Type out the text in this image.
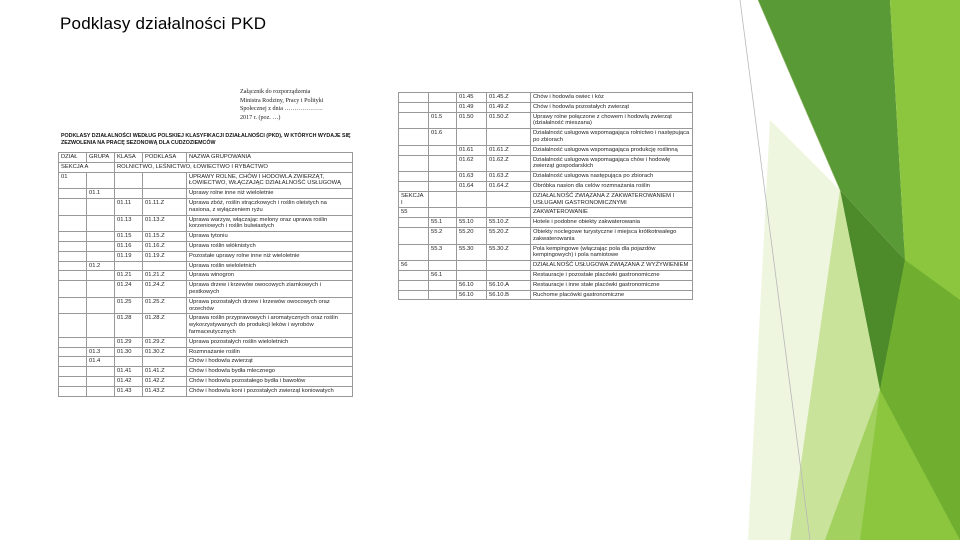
Podklasy działalności PKD
Załącznik do rozporządzenia
Ministra Rodziny, Pracy i Polityki
Społecznej z dnia ……………….
2017 r. (poz. …)
PODKLASY DZIAŁALNOŚCI WEDŁUG POLSKIEJ KLASYFIKACJI DZIAŁALNOŚCI (PKD), W KTÓRYCH WYDAJE SIĘ ZEZWOLENIA NA PRACĘ SEZONOWĄ DLA CUDZOZIEMCÓW
DZIAŁ	GRUPA	KLASA	PODKLASA	NAZWA GRUPOWANIA
SEKCJA A		ROLNICTWO, LEŚNICTWO, ŁOWIECTWO I RYBACTWO		
01				UPRAWY ROLNE, CHÓW I HODOWLA ZWIERZĄT, ŁOWIECTWO, WŁĄCZAJĄC DZIAŁALNOŚĆ USŁUGOWĄ
	01.1			Uprawy rolne inne niż wieloletnie
		01.11	01.11.Z	Uprawa zbóż, roślin strączkowych i roślin oleistych na nasiona, z wyłączeniem ryżu
		01.13	01.13.Z	Uprawa warzyw, włączając melony oraz uprawa roślin korzeniowych i roślin bulwiastych
		01.15	01.15.Z	Uprawa tytoniu
		01.16	01.16.Z	Uprawa roślin włóknistych
		01.19	01.19.Z	Pozostałe uprawy rolne inne niż wieloletnie
	01.2			Uprawa roślin wieloletnich
		01.21	01.21.Z	Uprawa winogron
		01.24	01.24.Z	Uprawa drzew i krzewów owocowych ziarnkowych i pestkowych
		01.25	01.25.Z	Uprawa pozostałych drzew i krzewów owocowych oraz orzechów
		01.28	01.28.Z	Uprawa roślin przyprawowych i aromatycznych oraz roślin wykorzystywanych do produkcji leków i wyrobów farmaceutycznych
		01.29	01.29.Z	Uprawa pozostałych roślin wieloletnich
	01.3	01.30	01.30.Z	Rozmnażanie roślin
	01.4			Chów i hodowla zwierząt
		01.41	01.41.Z	Chów i hodowla bydła mlecznego
		01.42	01.42.Z	Chów i hodowla pozostałego bydła i bawołów
		01.43	01.43.Z	Chów i hodowla koni i pozostałych zwierząt koniowatych
		01.45	01.45.Z	Chów i hodowla owiec i kóz
		01.49	01.49.Z	Chów i hodowla pozostałych zwierząt
	01.5	01.50	01.50.Z	Uprawy rolne połączone z chowem i hodowlą zwierząt (działalność mieszana)
	01.6			Działalność usługowa wspomagająca rolnictwo i następująca po zbiorach
		01.61	01.61.Z	Działalność usługowa wspomagająca produkcję roślinną
		01.62	01.62.Z	Działalność usługowa wspomagająca chów i hodowlę zwierząt gospodarskich
		01.63	01.63.Z	Działalność usługowa następująca po zbiorach
		01.64	01.64.Z	Obróbka nasion dla celów rozmnażania roślin
SEKCJA I				DZIAŁALNOŚĆ ZWIĄZANA Z ZAKWATEROWANIEM I USŁUGAMI GASTRONOMICZNYMI
55				ZAKWATEROWANIE
	55.1	55.10	55.10.Z	Hotele i podobne obiekty zakwaterowania
	55.2	55.20	55.20.Z	Obiekty noclegowe turystyczne i miejsca krótkotrwałego zakwaterowania
	55.3	55.30	55.30.Z	Pola kempingowe (włączając pola dla pojazdów kempingowych) i pola namiotowe
56				DZIAŁALNOŚĆ USŁUGOWA ZWIĄZANA Z WYŻYWIENIEM
	56.1			Restauracje i pozostałe placówki gastronomiczne
		56.10	56.10.A	Restauracje i inne stałe placówki gastronomiczne
		56.10	56.10.B	Ruchome placówki gastronomiczne
